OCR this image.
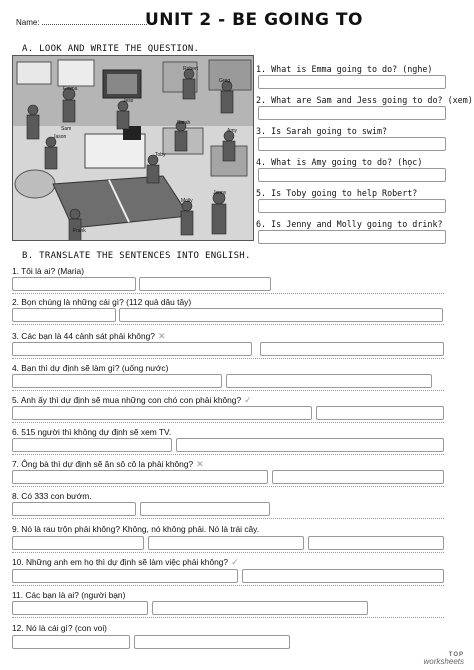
Name:	UNIT 2 - BE GOING TO
A. LOOK AND WRITE THE QUESTION.
Emma
Robert
Sam
Jess
Jason
Toby
Sarah
Amy
Jenny
Molly
Frank
Greg
1. What is Emma going to do? (nghe)
2. What are Sam and Jess going to do? (xem)
3. Is Sarah going to swim?
4. What is Amy going to do? (học)
5. Is Toby going to help Robert?
6. Is Jenny and Molly going to drink?
B. TRANSLATE THE SENTENCES INTO ENGLISH.
1. Tôi là ai? (Maria)
2. Bọn chúng là những cái gì? (112 quả dâu tây)
3. Các bạn là 44 cảnh sát phải không? ✕
4. Bạn thì dự định sẽ làm gì? (uống nước)
5. Anh ấy thì dự định sẽ mua những con chó con phải không? ✓
6. 515 người thì không dự định sẽ xem TV.
7. Ông bà thì dự định sẽ ăn sô cô la phải không? ✕
8. Có 333 con bướm.
9. Nó là rau trộn phải không? Không, nó không phải. Nó là trái cây.
10. Những anh em họ thì dự định sẽ làm việc phải không? ✓
11. Các bạn là ai? (người bạn)
12. Nó là cái gì? (con voi)
TOP
worksheets
